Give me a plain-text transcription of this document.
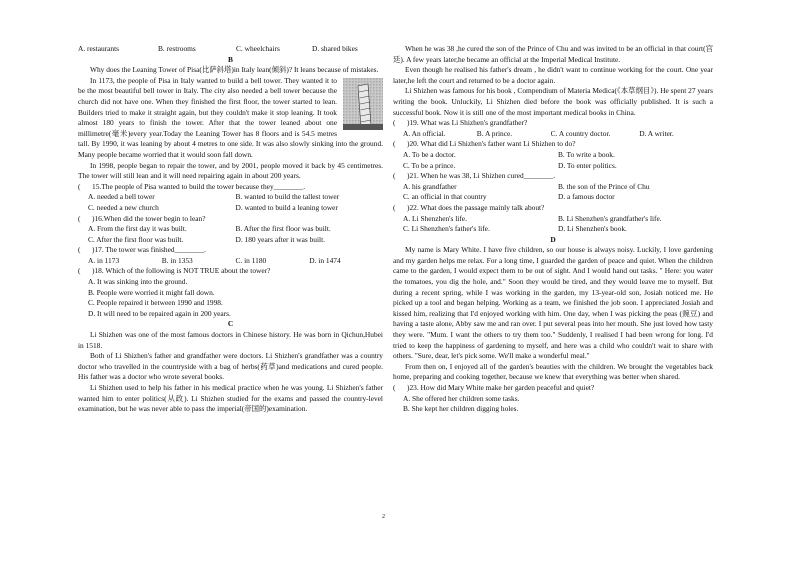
A. restaurants	B. restrooms	C. wheelchairs	D. shared bikes
B
Why does the Leaning Tower of Pisa(比萨斜塔)in Italy lean(倾斜)? It leans because of mistakes.
In 1173, the people of Pisa in Italy wanted to build a bell tower. They wanted it to be the most beautiful bell tower in Italy. The city also needed a bell tower because the church did not have one. When they finished the first floor, the tower started to lean. Builders tried to make it straight again, but they couldn't make it stop leaning. It took almost 180 years to finish the tower. After that the tower leaned about one millimetre(毫米)every year.Today the Leaning Tower has 8 floors and is 54.5 metres tall. By 1990, it was leaning by about 4 metres to one side. It was also slowly sinking into the ground. Many people became worried that it would soon fall down.
In 1998, people began to repair the tower, and by 2001, people moved it back by 45 centimetres. The tower will still lean and it will need repairing again in about 200 years.
( 15.The people of Pisa wanted to build the tower because they________.
A. needed a bell tower	B. wanted to build the tallest tower
C. needed a new church	D. wanted to build a leaning tower
( )16.When did the tower begin to lean?
A. From the first day it was built.	B. After the first floor was built.
C. After the first floor was built.	D. 180 years after it was built.
( )17. The tower was finished________.
A. in 1173	B. in 1353	C. in 1180	D. in 1474
( )18. Which of the following is NOT TRUE about the tower?
A. It was sinking into the ground.
B. People were worried it might fall down.
C. People repaired it between 1990 and 1998.
D. It will need to be repaired again in 200 years.
C
Li Shizhen was one of the most famous doctors in Chinese history. He was born in Qichun,Hubei in 1518.
Both of Li Shizhen's father and grandfather were doctors. Li Shizhen's grandfather was a country doctor who travelled in the countryside with a bag of herbs(药草)and medications and cured people. His father was a doctor who wrote several books.
Li Shizhen used to help his father in his medical practice when he was young. Li Shizhen's father wanted him to enter politics(从政). Li Shizhen studied for the exams and passed the country-level examination, but he was never able to pass the imperial(帝国的)examination.
When he was 38 ,he cured the son of the Prince of Chu and was invited to be an official in that court(宫廷). A few years later,he became an official at the Imperial Medical Institute.
Even though he realised his father's dream , he didn't want to continue working for the court. One year later,he left the court and returned to be a doctor again.
Li Shizhen was famous for his book , Compendium of Materia Medica(《本草纲目》). He spent 27 years writing the book. Unluckily, Li Shizhen died before the book was officially published. It is such a successful book. Now it is still one of the most important medical books in China.
( )19. What was Li Shizhen's grandfather?
A. An official.	B. A prince.	C. A country doctor.	D. A writer.
( )20. What did Li Shizhen's father want Li Shizhen to do?
A. To be a doctor.	B. To write a book.
C. To be a prince.	D. To enter politics.
( )21. When he was 38, Li Shizhen cured________.
A. his grandfather	B. the son of the Prince of Chu
C. an official in that country	D. a famous doctor
( )22. What does the passage mainly talk about?
A. Li Shenzhen's life.	B. Li Shenzhen's grandfather's life.
C. Li Shenzhen's father's life.	D. Li Shenzhen's book.
D
My name is Mary White. I have five children, so our house is always noisy. Luckily, I love gardening and my garden helps me relax. For a long time, I guarded the garden of peace and quiet. When the children came to the garden, I would expect them to be out of sight. And I would hand out tasks. " Here: you water the tomatoes, you dig the hole, and." Soon they would be tired, and they would leave me to myself. But during a recent spring, while I was working in the garden, my 13-year-old son, Josiah noticed me. He picked up a tool and began helping. Working as a team, we finished the job soon. I appreciated Josiah and kissed him, realizing that I'd enjoyed working with him. One day, when I was picking the peas (豌豆) and having a taste alone, Abby saw me and ran over. I put several peas into her mouth. She just loved how tasty they were. "Mum. I want the others to try them too." Suddenly, I realised I had been wrong for long. I'd tried to keep the happiness of gardening to myself, and here was a child who couldn't wait to share with others. "Sure, dear, let's pick some. We'll make a wonderful meal."
From then on, I enjoyed all of the garden's beauties with the children. We brought the vegetables back home, preparing and cooking together, because we knew that everything was better when shared.
( )23. How did Mary White make her garden peaceful and quiet?
A. She offered her children some tasks.
B. She kept her children digging holes.
2
